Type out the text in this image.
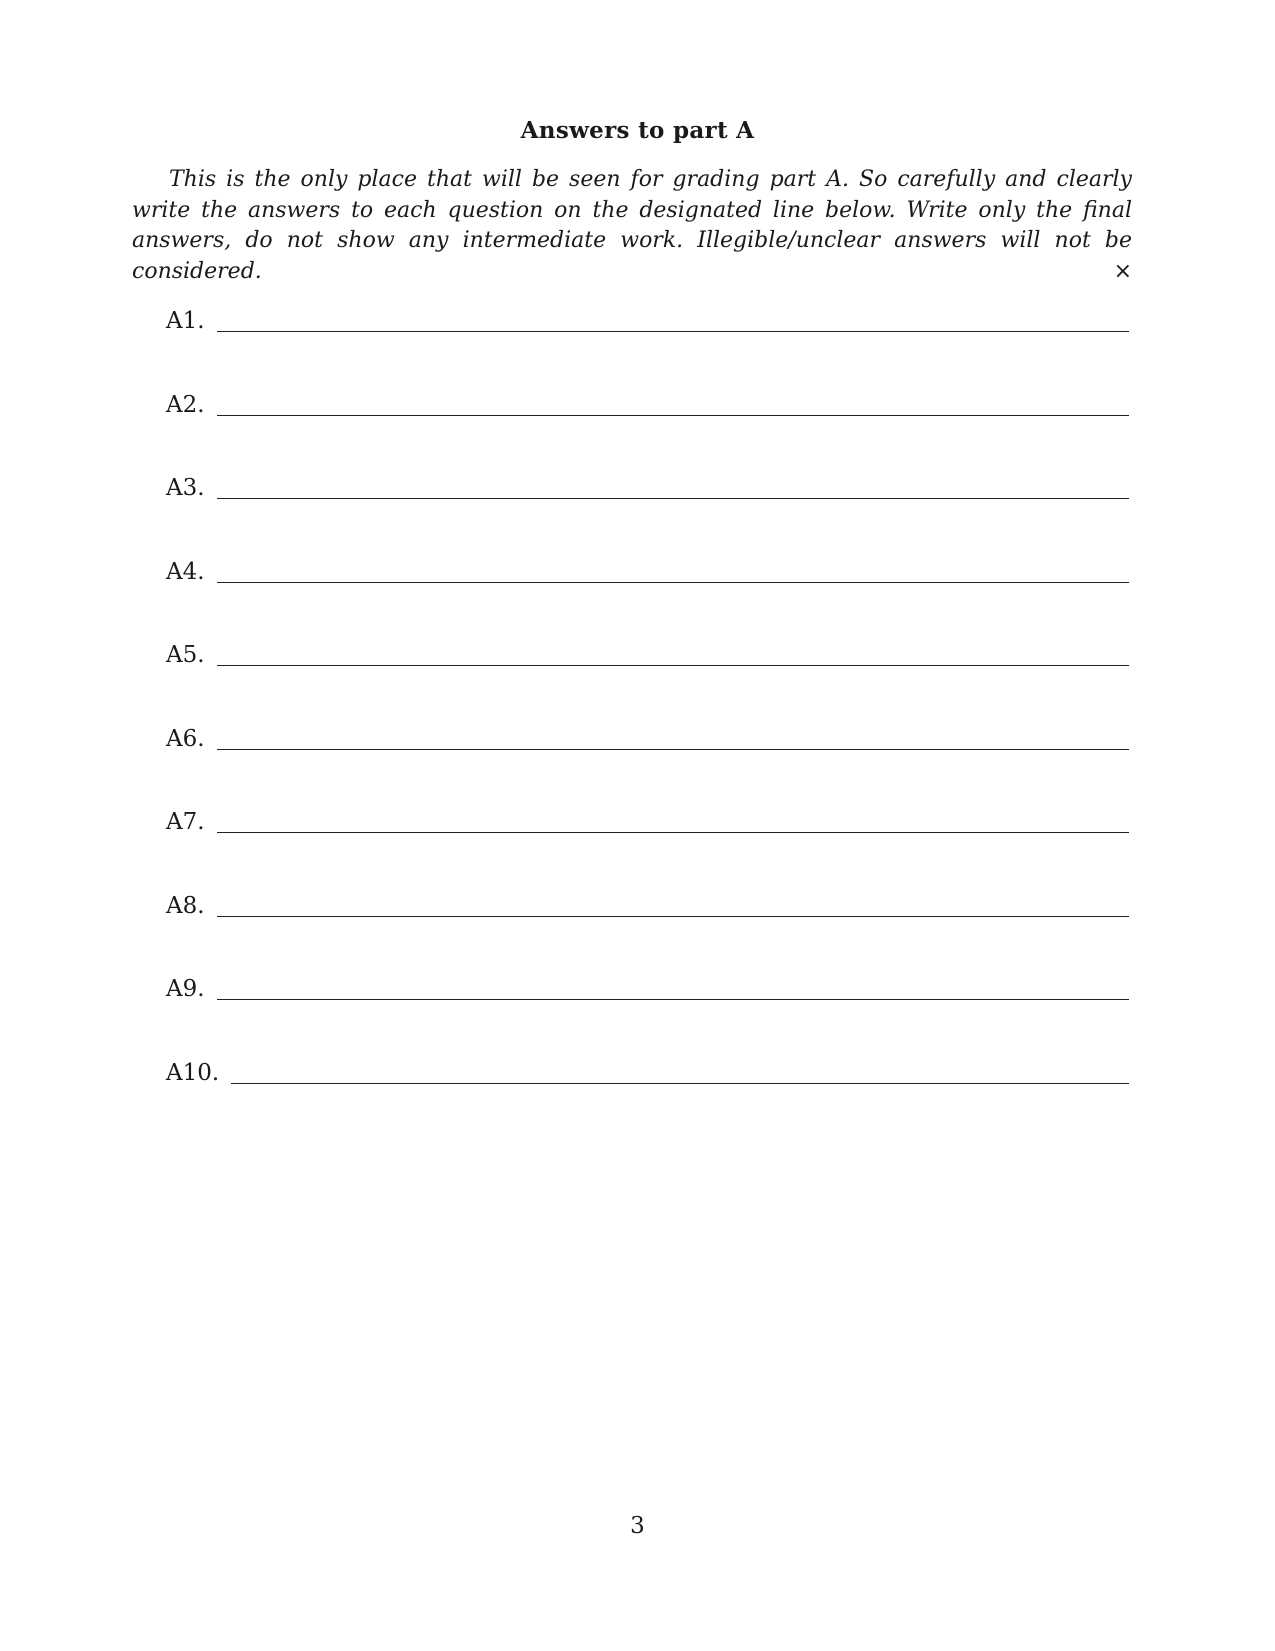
Answers to part A
This is the only place that will be seen for grading part A. So carefully and clearly write the answers to each question on the designated line below. Write only the final answers, do not show any intermediate work. Illegible/unclear answers will not be considered.	×
A1.
A2.
A3.
A4.
A5.
A6.
A7.
A8.
A9.
A10.
3
